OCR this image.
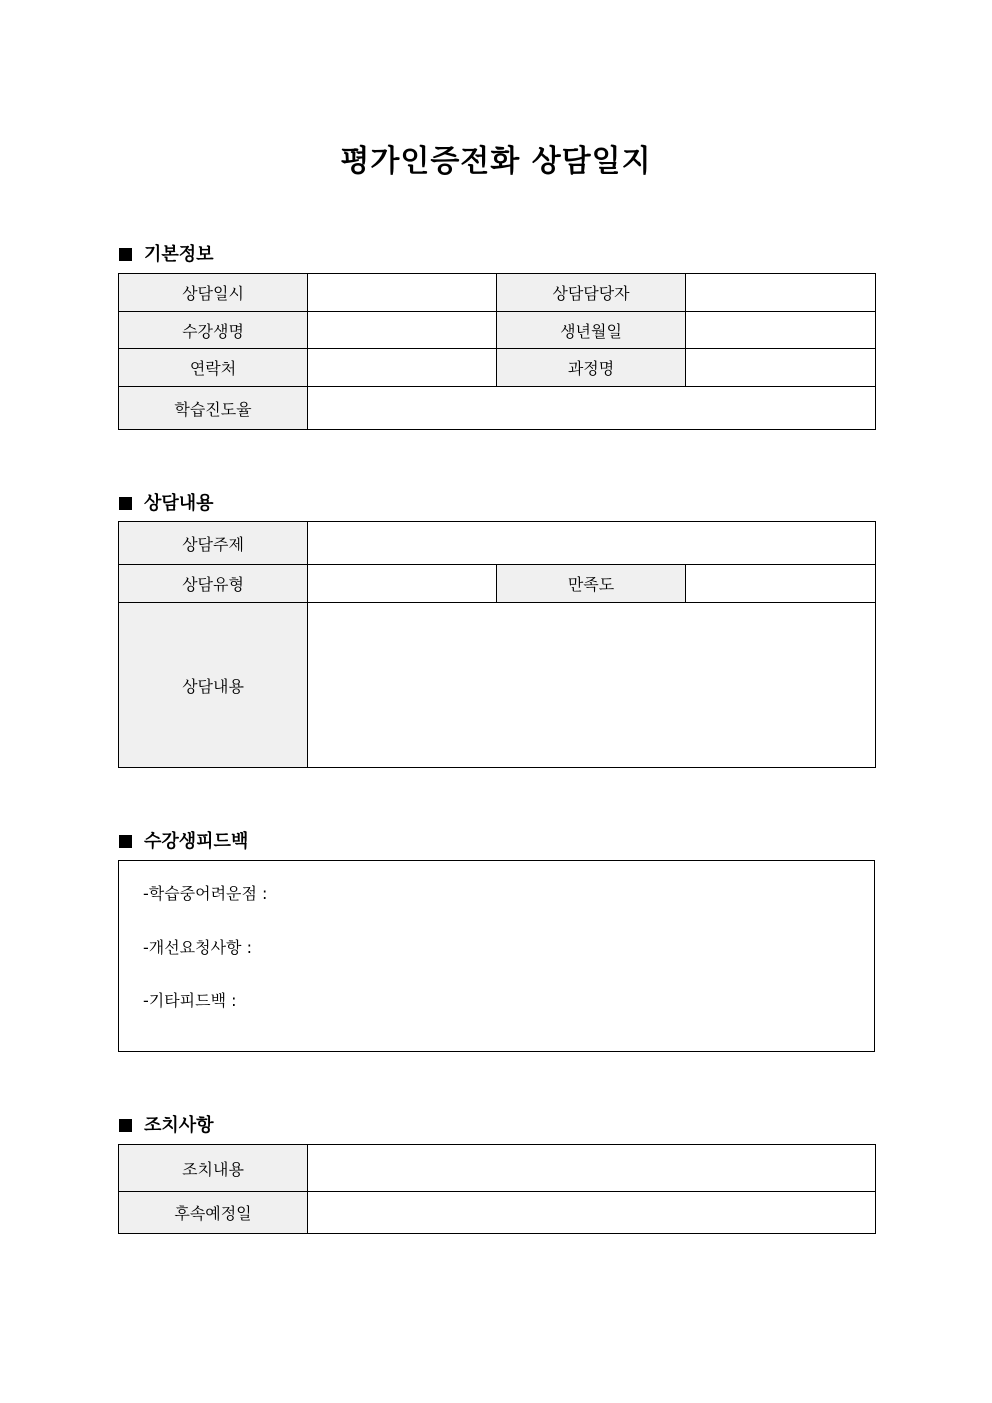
평가인증전화 상담일지
기본정보
상담일시		상담담당자	
수강생명		생년월일	
연락처		과정명	
학습진도율			
상담내용
상담주제			
상담유형		만족도	
상담내용			
수강생피드백
-학습중어려운점 :
-개선요청사항 :
-기타피드백 :
조치사항
조치내용	
후속예정일	
